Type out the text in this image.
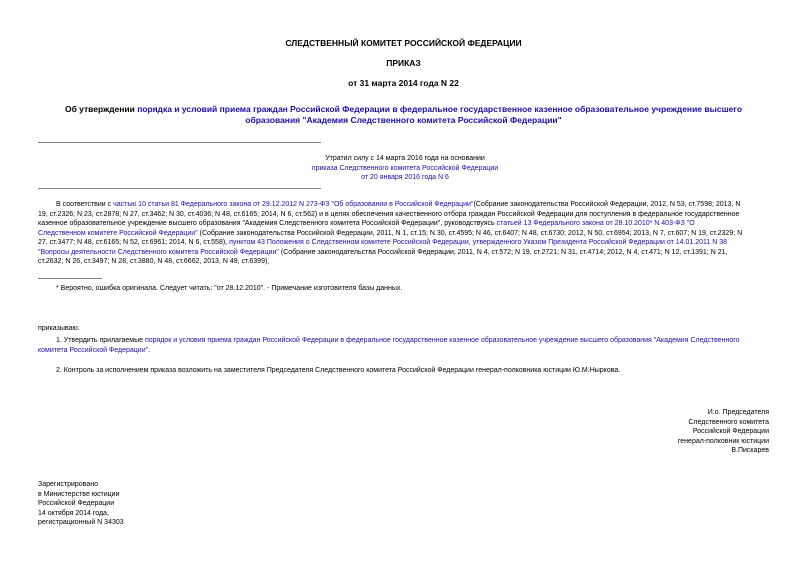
СЛЕДСТВЕННЫЙ КОМИТЕТ РОССИЙСКОЙ ФЕДЕРАЦИИ
ПРИКАЗ
от 31 марта 2014 года N 22
Об утверждении порядка и условий приема граждан Российской Федерации в федеральное государственное казенное образовательное учреждение высшего
образования "Академия Следственного комитета Российской Федерации"
Утратил силу с 14 марта 2016 года на основании
приказа Следственного комитета Российской Федерации
от 20 января 2016 года N 6
В соответствии с частью 10 статьи 81 Федерального закона от 29.12.2012 N 273-ФЗ "Об образовании в Российской Федерации"(Собрание законодательства Российской Федерации, 2012, N 53, ст.7598; 2013, N
19, ст.2326; N 23, ст.2878; N 27, ст.3462; N 30, ст.4036; N 48, ст.6165; 2014, N 6, ст.562) и в целях обеспечения качественного отбора граждан Российской Федерации для поступления в федеральное государственное
казенное образовательное учреждение высшего образования "Академия Следственного комитета Российской Федерации", руководствуясь статьей 13 Федерального закона от 28.10.2010* N 403-ФЗ "О
Следственном комитете Российской Федерации" (Собрание законодательства Российской Федерации, 2011, N 1, ст.15; N 30, ст.4595; N 46, ст.6407; N 48, ст.6730; 2012, N 50, ст.6954; 2013, N 7, ст.607; N 19, ст.2329; N
27, ст.3477; N 48, ст.6165; N 52, ст.6961; 2014, N 6, ст.558), пунктом 43 Положения о Следственном комитете Российской Федерации, утвержденного Указом Президента Российской Федерации от 14.01.2011 N 38
"Вопросы деятельности Следственного комитета Российской Федерации" (Собрание законодательства Российской Федерации, 2011, N 4, ст.572; N 19, ст.2721; N 31, ст.4714; 2012, N 4, ст.471; N 12, ст.1391; N 21,
ст.2632; N 26, ст.3497; N 28, ст.3880, N 48, ст.6662, 2013, N 49, ст.6399),
* Вероятно, ошибка оригинала. Следует читать: "от 28.12.2010". - Примечание изготовителя базы данных.
приказываю:
1. Утвердить прилагаемые порядок и условия приема граждан Российской Федерации в федеральное государственное казенное образовательное учреждение высшего образования "Академия Следственного
комитета Российской Федерации".
2. Контроль за исполнением приказа возложить на заместителя Председателя Следственного комитета Российской Федерации генерал-полковника юстиции Ю.М.Ныркова.
И.о. Председателя
Следственного комитета
Российской Федерации
генерал-полковник юстиции
В.Пискарев
Зарегистрировано
в Министерстве юстиции
Российской Федерации
14 октября 2014 года,
регистрационный N 34303
